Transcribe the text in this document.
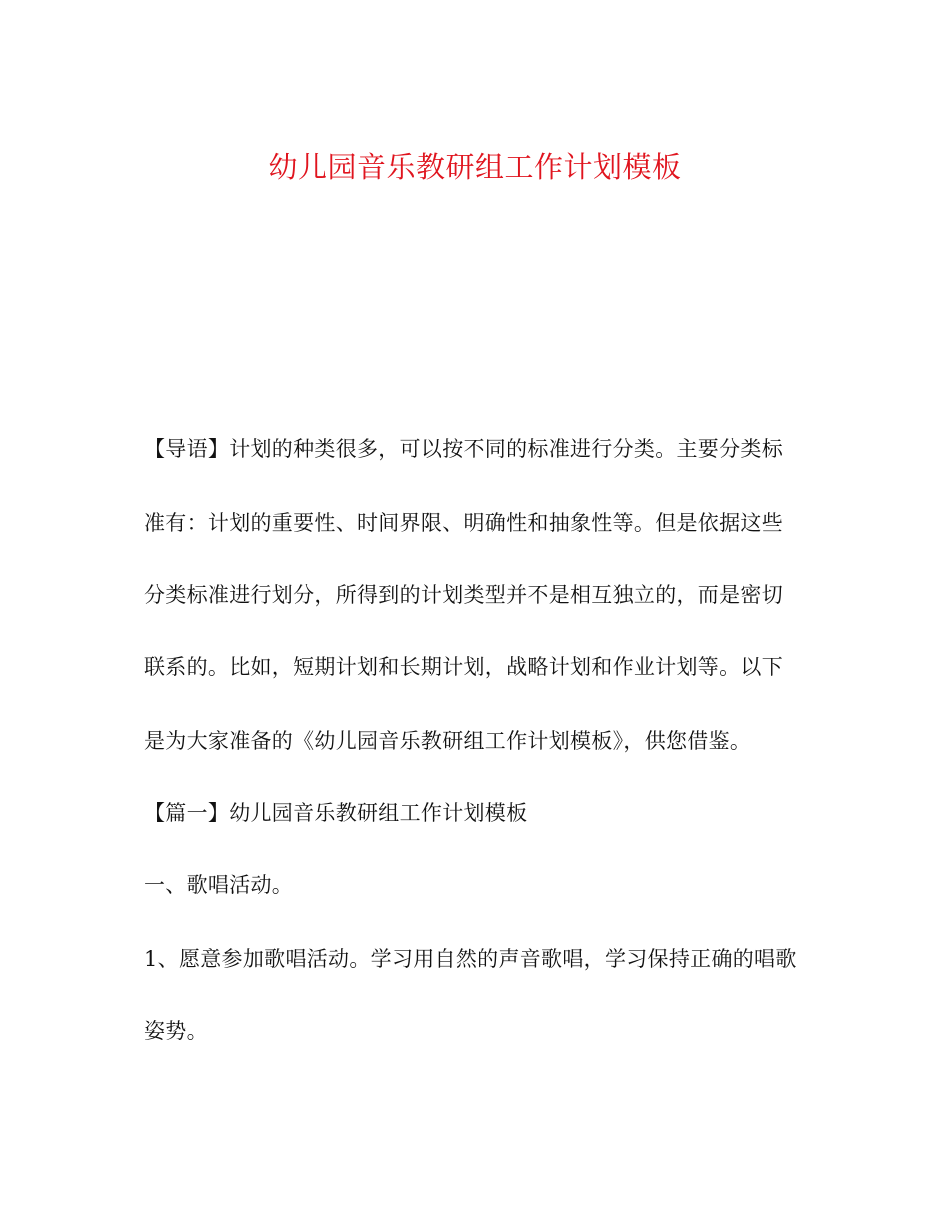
幼儿园音乐教研组工作计划模板
【导语】计划的种类很多，可以按不同的标准进行分类。主要分类标
准有：计划的重要性、时间界限、明确性和抽象性等。但是依据这些
分类标准进行划分，所得到的计划类型并不是相互独立的，而是密切
联系的。比如，短期计划和长期计划，战略计划和作业计划等。以下
是为大家准备的《幼儿园音乐教研组工作计划模板》，供您借鉴。
【篇一】幼儿园音乐教研组工作计划模板
一、歌唱活动。
1、愿意参加歌唱活动。学习用自然的声音歌唱，学习保持正确的唱歌
姿势。
